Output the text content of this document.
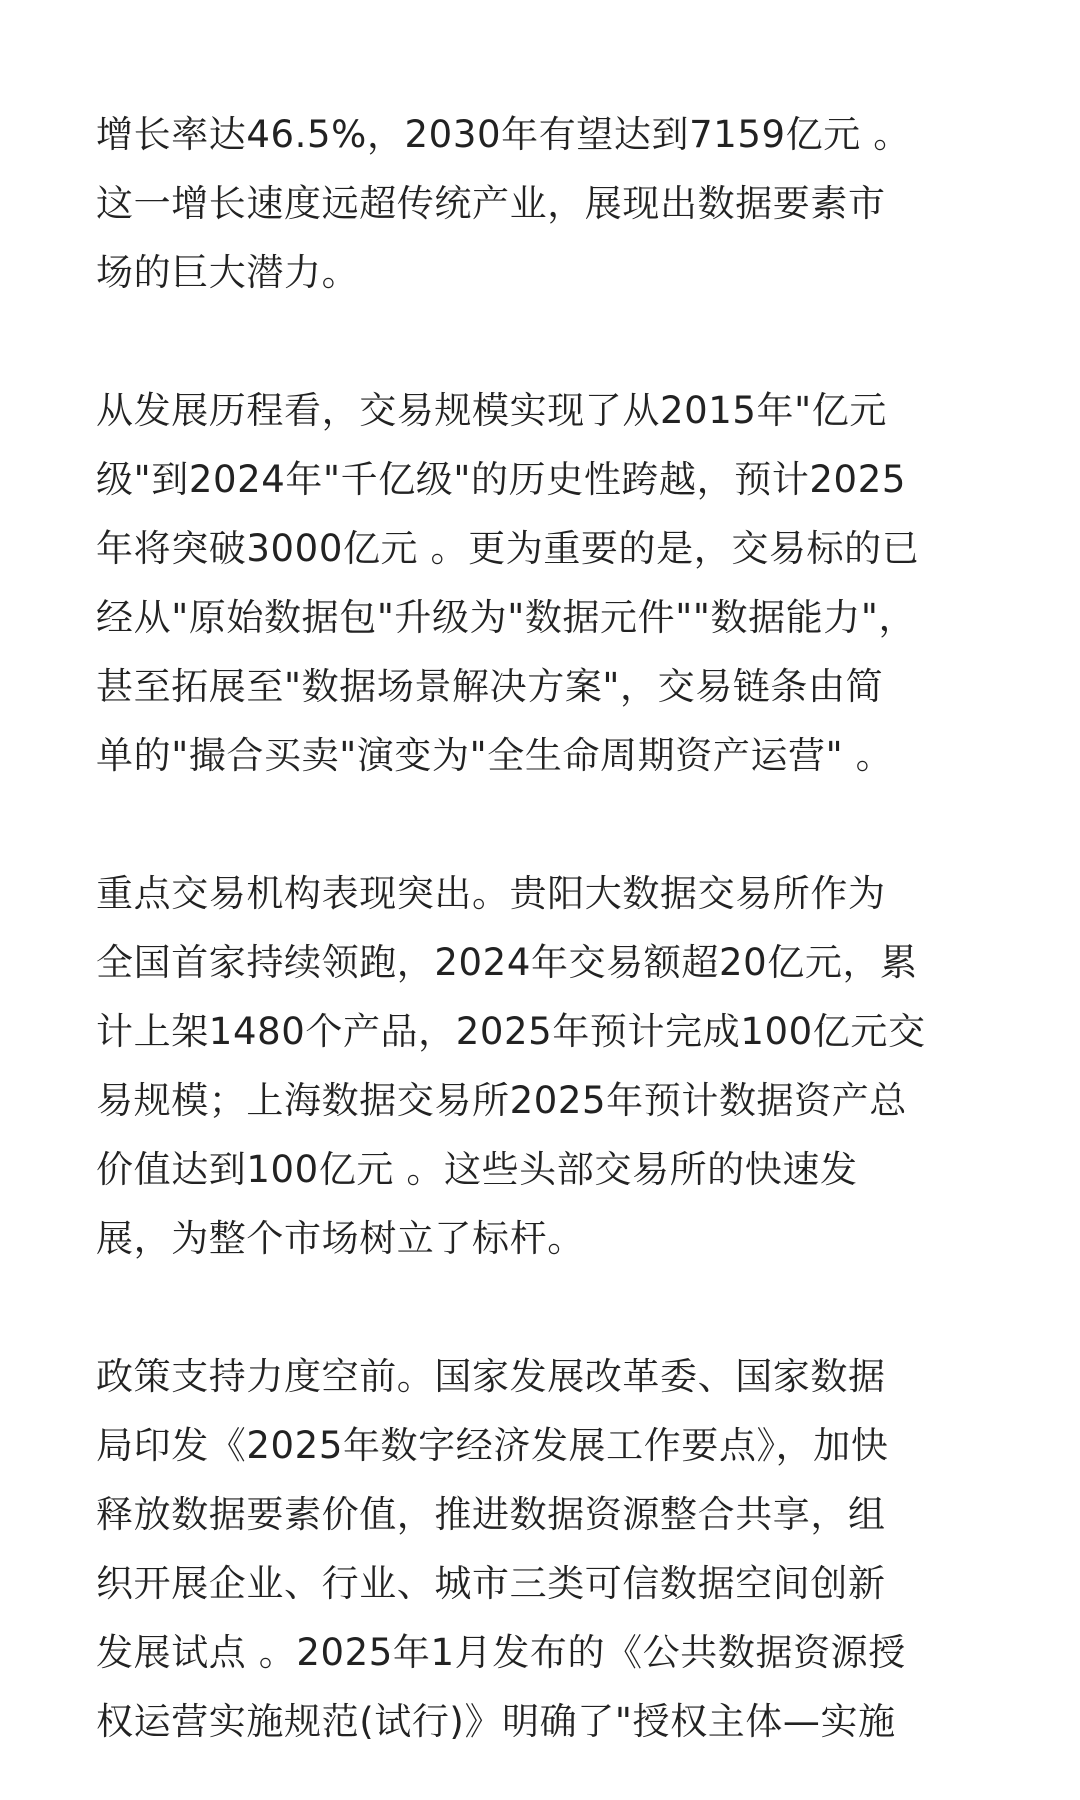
增长率达46.5%，2030年有望达到7159亿元 。
这一增长速度远超传统产业，展现出数据要素市
场的巨大潜力。
从发展历程看，交易规模实现了从2015年"亿元
级"到2024年"千亿级"的历史性跨越，预计2025
年将突破3000亿元 。更为重要的是，交易标的已
经从"原始数据包"升级为"数据元件""数据能力"，
甚至拓展至"数据场景解决方案"，交易链条由简
单的"撮合买卖"演变为"全生命周期资产运营" 。
重点交易机构表现突出。贵阳大数据交易所作为
全国首家持续领跑，2024年交易额超20亿元，累
计上架1480个产品，2025年预计完成100亿元交
易规模；上海数据交易所2025年预计数据资产总
价值达到100亿元 。这些头部交易所的快速发
展，为整个市场树立了标杆。
政策支持力度空前。国家发展改革委、国家数据
局印发《2025年数字经济发展工作要点》，加快
释放数据要素价值，推进数据资源整合共享，组
织开展企业、行业、城市三类可信数据空间创新
发展试点 。2025年1月发布的《公共数据资源授
权运营实施规范(试行)》明确了"授权主体—实施
